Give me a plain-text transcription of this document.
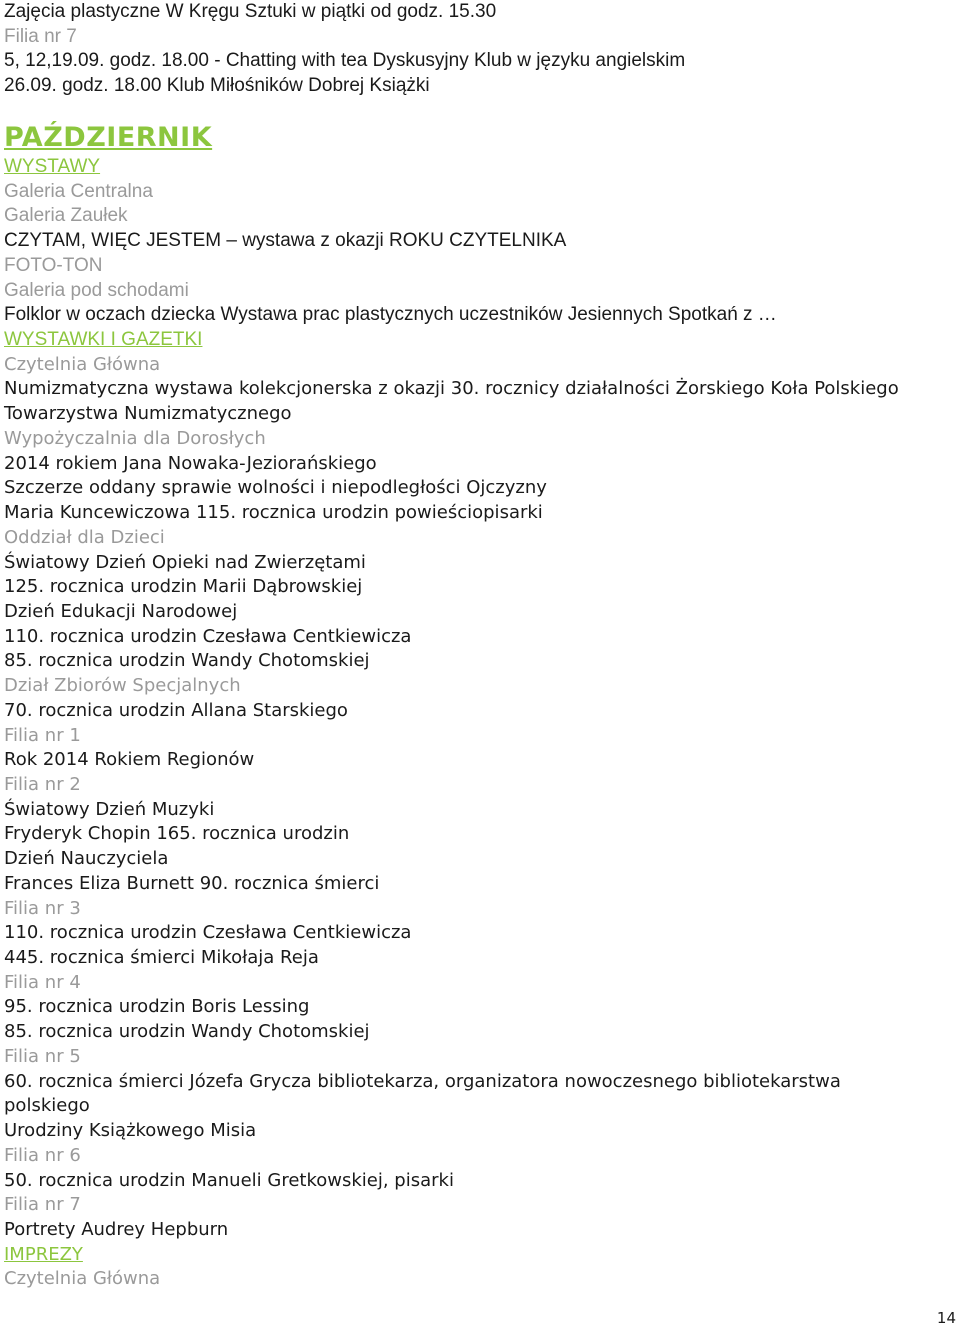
Zajęcia plastyczne W Kręgu Sztuki w piątki od godz. 15.30
Filia nr 7
5, 12,19.09. godz. 18.00 - Chatting with tea Dyskusyjny Klub w języku angielskim
26.09. godz. 18.00 Klub Miłośników Dobrej Książki
PAŹDZIERNIK
WYSTAWY
Galeria Centralna
Galeria Zaułek
CZYTAM, WIĘC JESTEM – wystawa z okazji ROKU CZYTELNIKA
FOTO-TON
Galeria pod schodami
Folklor w oczach dziecka Wystawa prac plastycznych uczestników Jesiennych Spotkań z …
WYSTAWKI I GAZETKI
Czytelnia Główna
Numizmatyczna wystawa kolekcjonerska z okazji 30. rocznicy działalności Żorskiego Koła Polskiego
Towarzystwa Numizmatycznego
Wypożyczalnia dla Dorosłych
2014 rokiem Jana Nowaka-Jeziorańskiego
Szczerze oddany sprawie wolności i niepodległości Ojczyzny
Maria Kuncewiczowa 115. rocznica urodzin powieściopisarki
Oddział dla Dzieci
Światowy Dzień Opieki nad Zwierzętami
125. rocznica urodzin Marii Dąbrowskiej
Dzień Edukacji Narodowej
110. rocznica urodzin Czesława Centkiewicza
85. rocznica urodzin Wandy Chotomskiej
Dział Zbiorów Specjalnych
70. rocznica urodzin Allana Starskiego
Filia nr 1
Rok 2014 Rokiem Regionów
Filia nr 2
Światowy Dzień Muzyki
Fryderyk Chopin 165. rocznica urodzin
Dzień Nauczyciela
Frances Eliza Burnett 90. rocznica śmierci
Filia nr 3
110. rocznica urodzin Czesława Centkiewicza
445. rocznica śmierci Mikołaja Reja
Filia nr 4
95. rocznica urodzin Boris Lessing
85. rocznica urodzin Wandy Chotomskiej
Filia nr 5
60. rocznica śmierci Józefa Grycza bibliotekarza, organizatora nowoczesnego bibliotekarstwa
polskiego
Urodziny Książkowego Misia
Filia nr 6
50. rocznica urodzin Manueli Gretkowskiej, pisarki
Filia nr 7
Portrety Audrey Hepburn
IMPREZY
Czytelnia Główna
14
